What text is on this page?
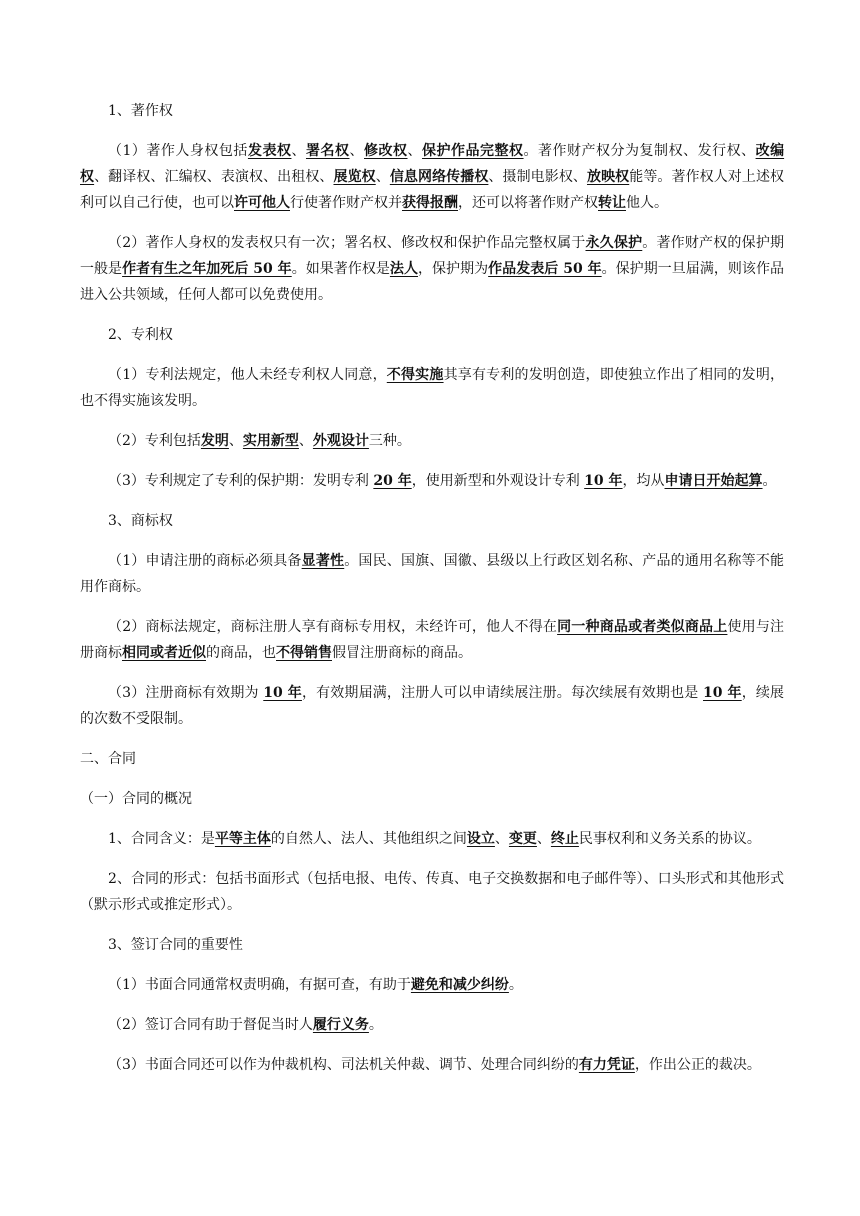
1、著作权

（1）著作人身权包括发表权、署名权、修改权、保护作品完整权。著作财产权分为复制权、发行权、改编权、翻译权、汇编权、表演权、出租权、展览权、信息网络传播权、摄制电影权、放映权能等。著作权人对上述权利可以自己行使，也可以许可他人行使著作财产权并获得报酬，还可以将著作财产权转让他人。

（2）著作人身权的发表权只有一次；署名权、修改权和保护作品完整权属于永久保护。著作财产权的保护期一般是作者有生之年加死后 50 年。如果著作权是法人，保护期为作品发表后 50 年。保护期一旦届满，则该作品进入公共领域，任何人都可以免费使用。

2、专利权

（1）专利法规定，他人未经专利权人同意，不得实施其享有专利的发明创造，即使独立作出了相同的发明，也不得实施该发明。

（2）专利包括发明、实用新型、外观设计三种。

（3）专利规定了专利的保护期：发明专利 20 年，使用新型和外观设计专利 10 年，均从申请日开始起算。

3、商标权

（1）申请注册的商标必须具备显著性。国民、国旗、国徽、县级以上行政区划名称、产品的通用名称等不能用作商标。

（2）商标法规定，商标注册人享有商标专用权，未经许可，他人不得在同一种商品或者类似商品上使用与注册商标相同或者近似的商品，也不得销售假冒注册商标的商品。

（3）注册商标有效期为 10 年，有效期届满，注册人可以申请续展注册。每次续展有效期也是 10 年，续展的次数不受限制。

二、合同

（一）合同的概况

1、合同含义：是平等主体的自然人、法人、其他组织之间设立、变更、终止民事权利和义务关系的协议。

2、合同的形式：包括书面形式（包括电报、电传、传真、电子交换数据和电子邮件等）、口头形式和其他形式（默示形式或推定形式）。

3、签订合同的重要性

（1）书面合同通常权责明确，有据可查，有助于避免和减少纠纷。

（2）签订合同有助于督促当时人履行义务。

（3）书面合同还可以作为仲裁机构、司法机关仲裁、调节、处理合同纠纷的有力凭证，作出公正的裁决。
